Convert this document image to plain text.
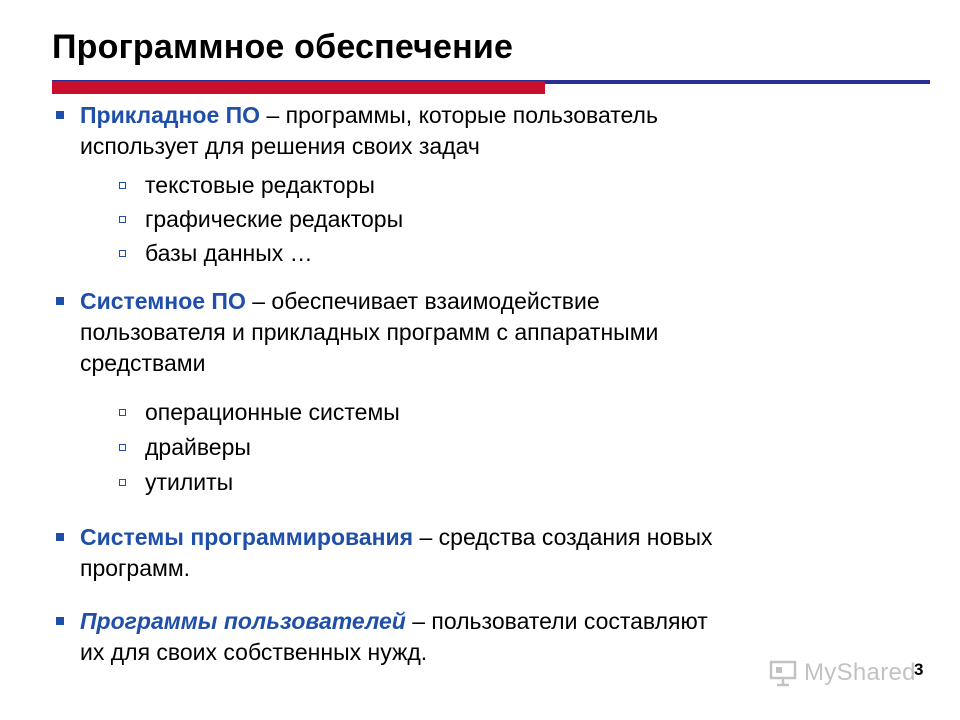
Программное обеспечение
Прикладное ПО – программы, которые пользователь
использует для решения своих задач
текстовые редакторы
графические редакторы
базы данных …
Системное ПО – обеспечивает взаимодействие
пользователя и прикладных программ с аппаратными
средствами
операционные системы
драйверы
утилиты
Системы программирования – средства создания новых
программ.
Программы пользователей – пользователи составляют
их для своих собственных нужд.
MyShared
3
